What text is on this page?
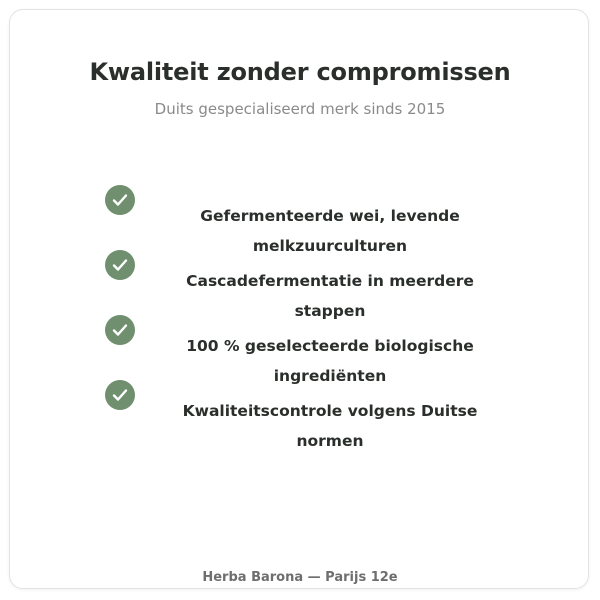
Kwaliteit zonder compromissen

Duits gespecialiseerd merk sinds 2015

Gefermenteerde wei, levende melkzuurculturen
Cascadefermentatie in meerdere stappen
100 % geselecteerde biologische ingrediënten
Kwaliteitscontrole volgens Duitse normen
Herba Barona — Parijs 12e
